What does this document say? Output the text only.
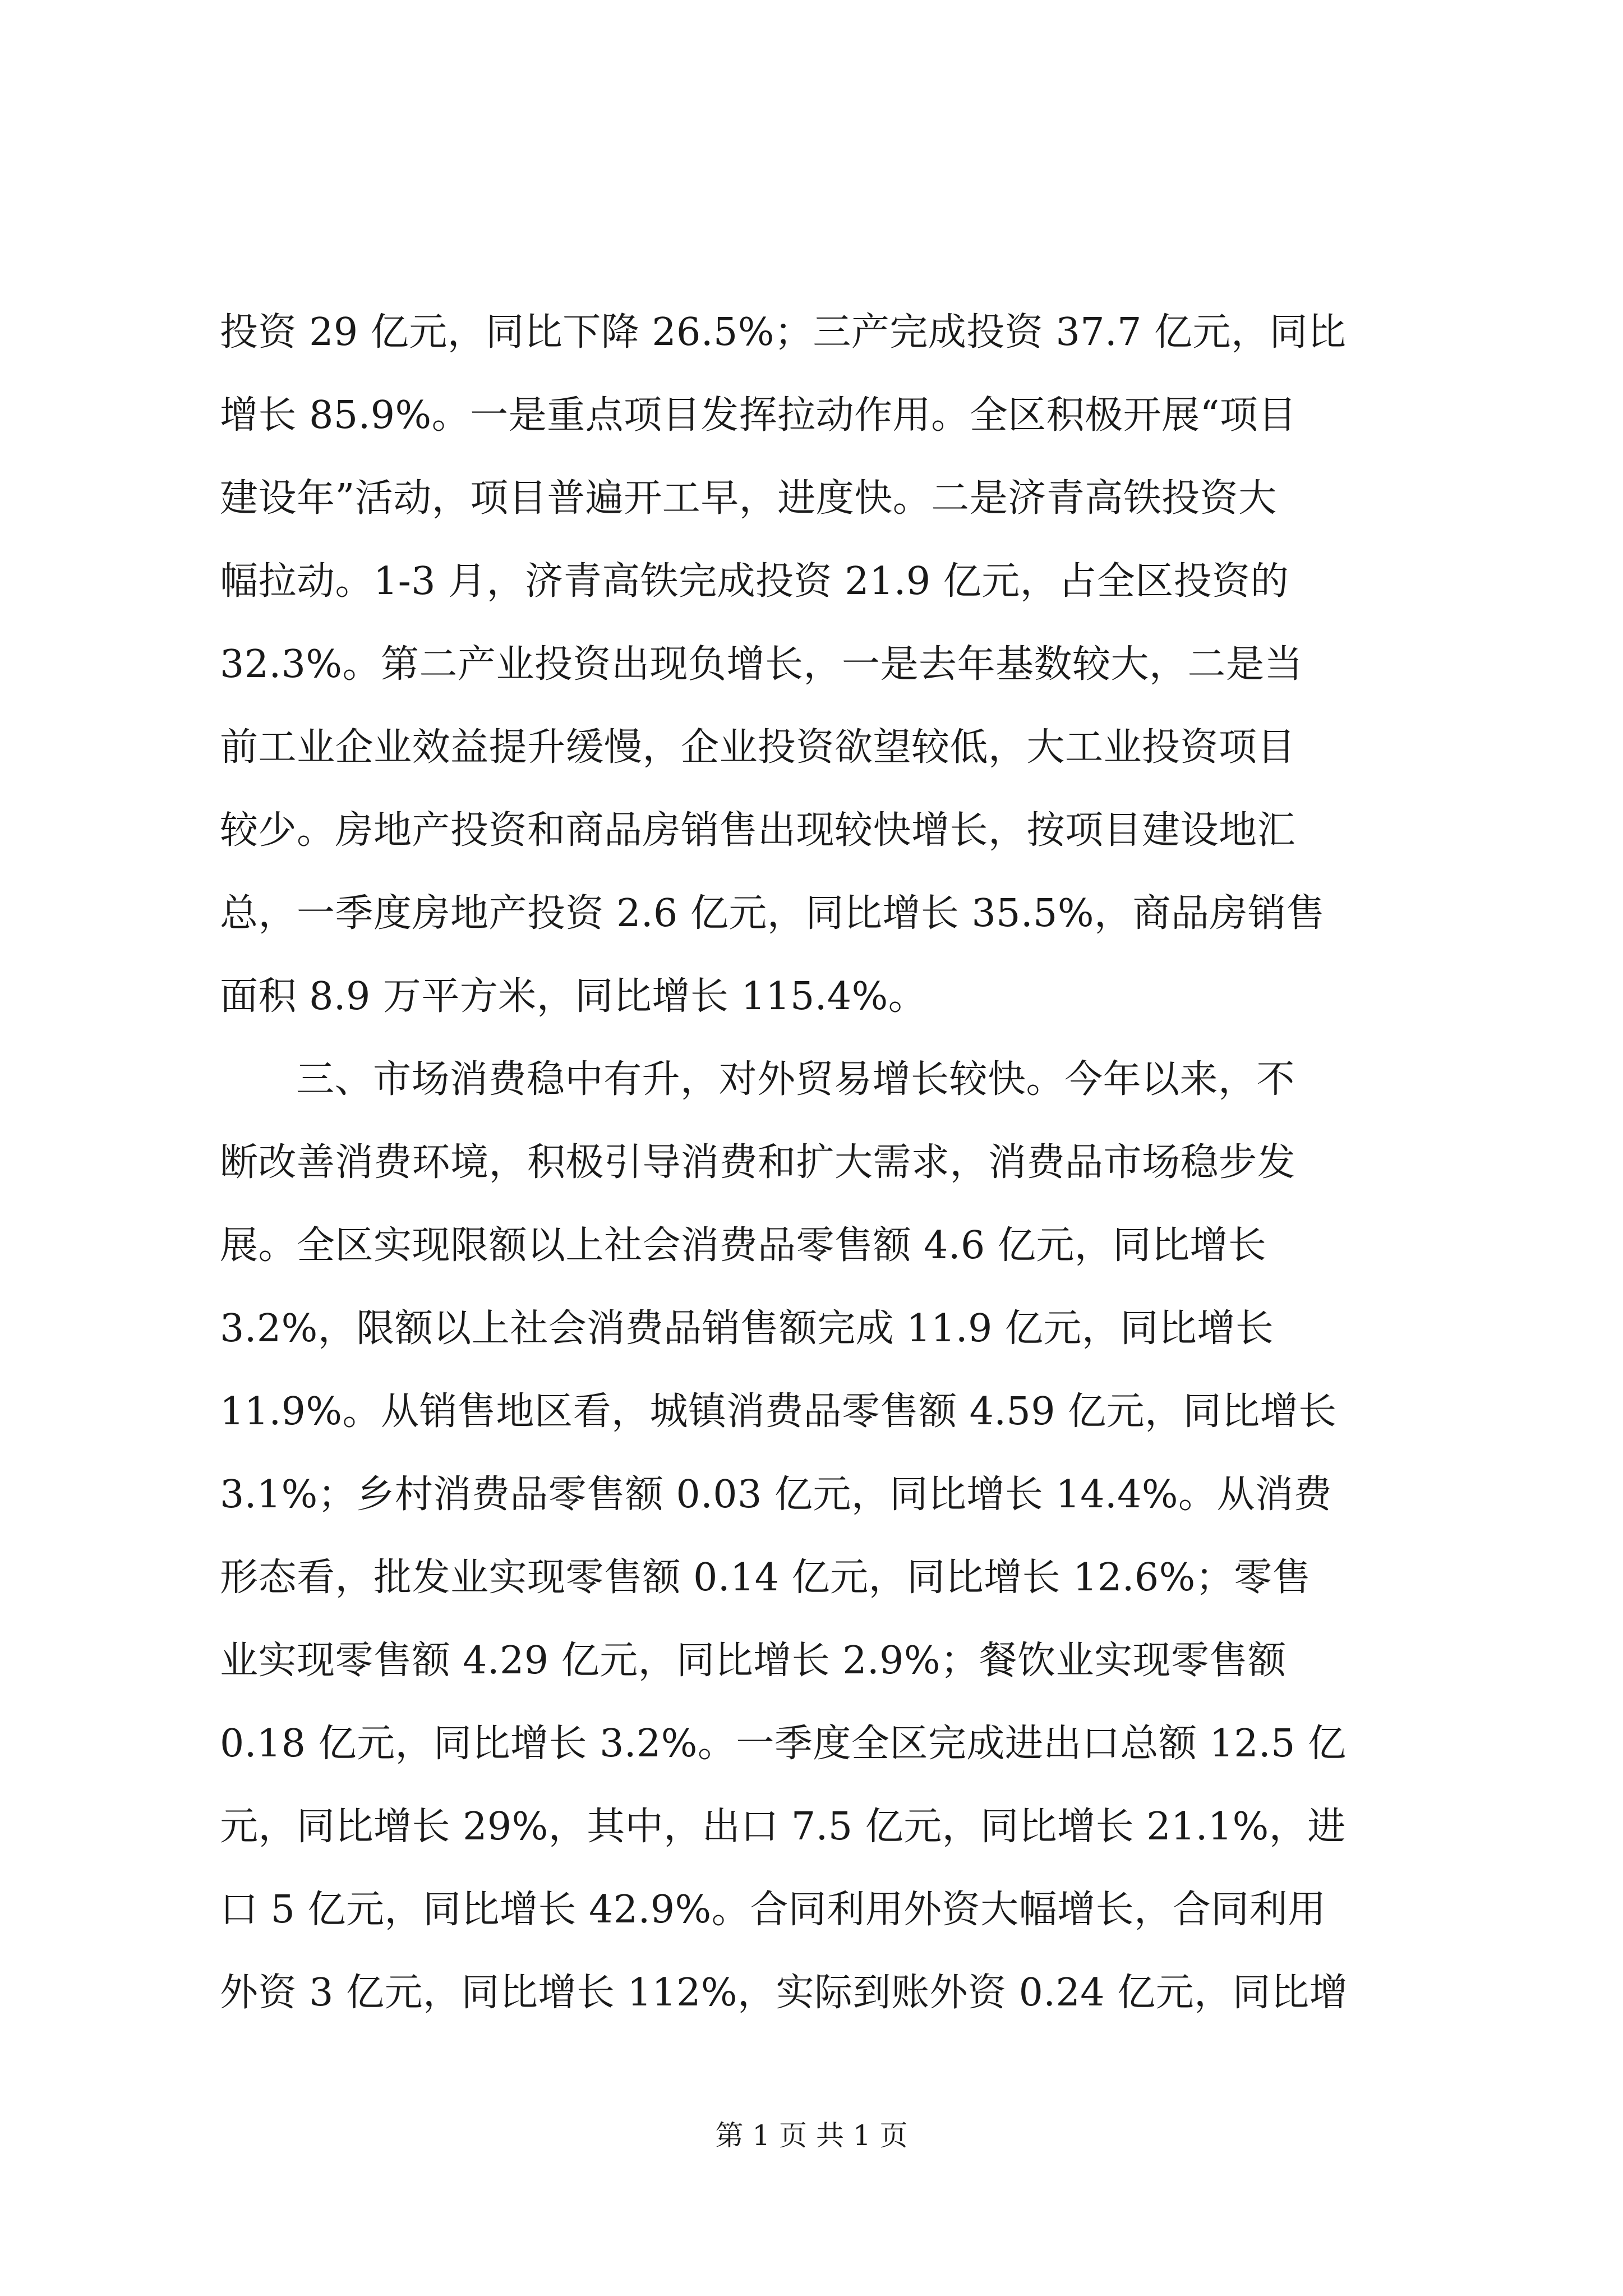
投资 29 亿元，同比下降 26.5%；三产完成投资 37.7 亿元，同比
增长 85.9%。一是重点项目发挥拉动作用。全区积极开展“项目
建设年”活动，项目普遍开工早，进度快。二是济青高铁投资大
幅拉动。1-3 月，济青高铁完成投资 21.9 亿元，占全区投资的
32.3%。第二产业投资出现负增长，一是去年基数较大，二是当
前工业企业效益提升缓慢，企业投资欲望较低，大工业投资项目
较少。房地产投资和商品房销售出现较快增长，按项目建设地汇
总，一季度房地产投资 2.6 亿元，同比增长 35.5%，商品房销售
面积 8.9 万平方米，同比增长 115.4%。
三、市场消费稳中有升，对外贸易增长较快。今年以来，不
断改善消费环境，积极引导消费和扩大需求，消费品市场稳步发
展。全区实现限额以上社会消费品零售额 4.6 亿元，同比增长
3.2%，限额以上社会消费品销售额完成 11.9 亿元，同比增长
11.9%。从销售地区看，城镇消费品零售额 4.59 亿元，同比增长
3.1%；乡村消费品零售额 0.03 亿元，同比增长 14.4%。从消费
形态看，批发业实现零售额 0.14 亿元，同比增长 12.6%；零售
业实现零售额 4.29 亿元，同比增长 2.9%；餐饮业实现零售额
0.18 亿元，同比增长 3.2%。一季度全区完成进出口总额 12.5 亿
元，同比增长 29%，其中，出口 7.5 亿元，同比增长 21.1%，进
口 5 亿元，同比增长 42.9%。合同利用外资大幅增长，合同利用
外资 3 亿元，同比增长 112%，实际到账外资 0.24 亿元，同比增
第 1 页 共 1 页
